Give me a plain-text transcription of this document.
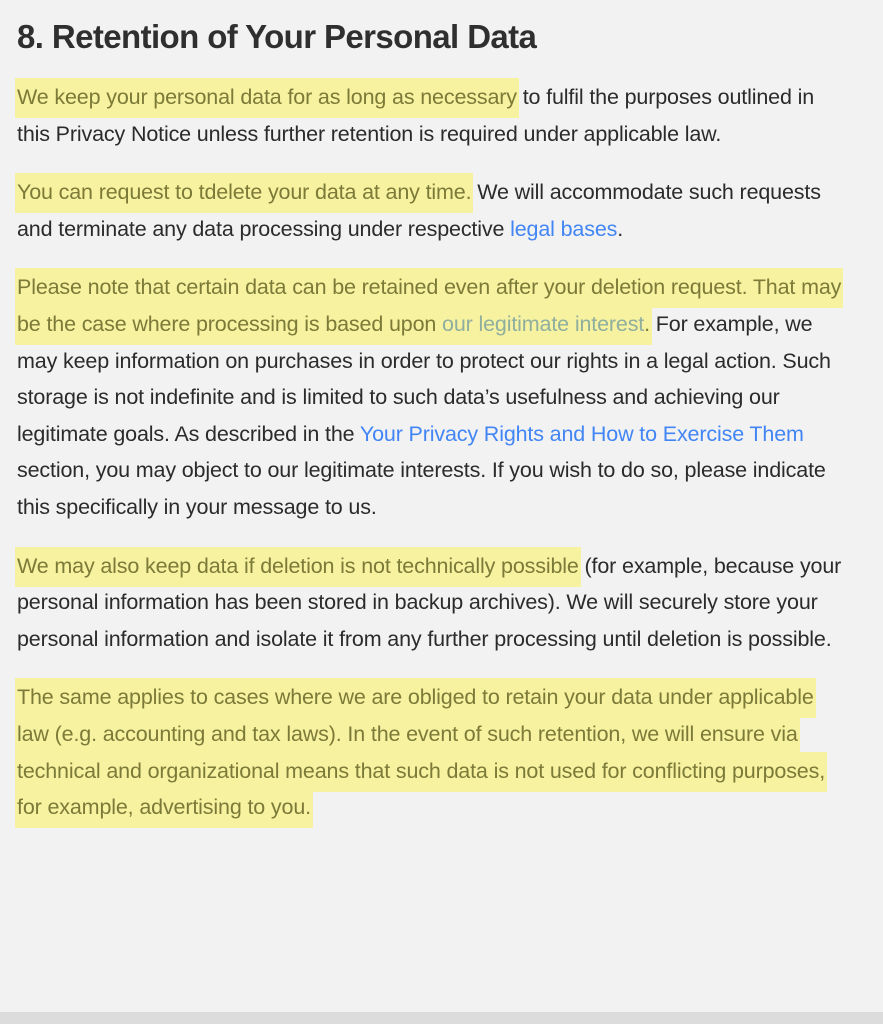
8. Retention of Your Personal Data

We keep your personal data for as long as necessary to fulfil the purposes outlined in this Privacy Notice unless further retention is required under applicable law.

You can request to tdelete your data at any time. We will accommodate such requests and terminate any data processing under respective legal bases.

Please note that certain data can be retained even after your deletion request. That may be the case where processing is based upon our legitimate interest. For example, we may keep information on purchases in order to protect our rights in a legal action. Such storage is not indefinite and is limited to such data’s usefulness and achieving our legitimate goals. As described in the Your Privacy Rights and How to Exercise Them section, you may object to our legitimate interests. If you wish to do so, please indicate this specifically in your message to us.

We may also keep data if deletion is not technically possible (for example, because your personal information has been stored in backup archives). We will securely store your personal information and isolate it from any further processing until deletion is possible.

The same applies to cases where we are obliged to retain your data under applicable law (e.g. accounting and tax laws). In the event of such retention, we will ensure via technical and organizational means that such data is not used for conflicting purposes, for example, advertising to you.
